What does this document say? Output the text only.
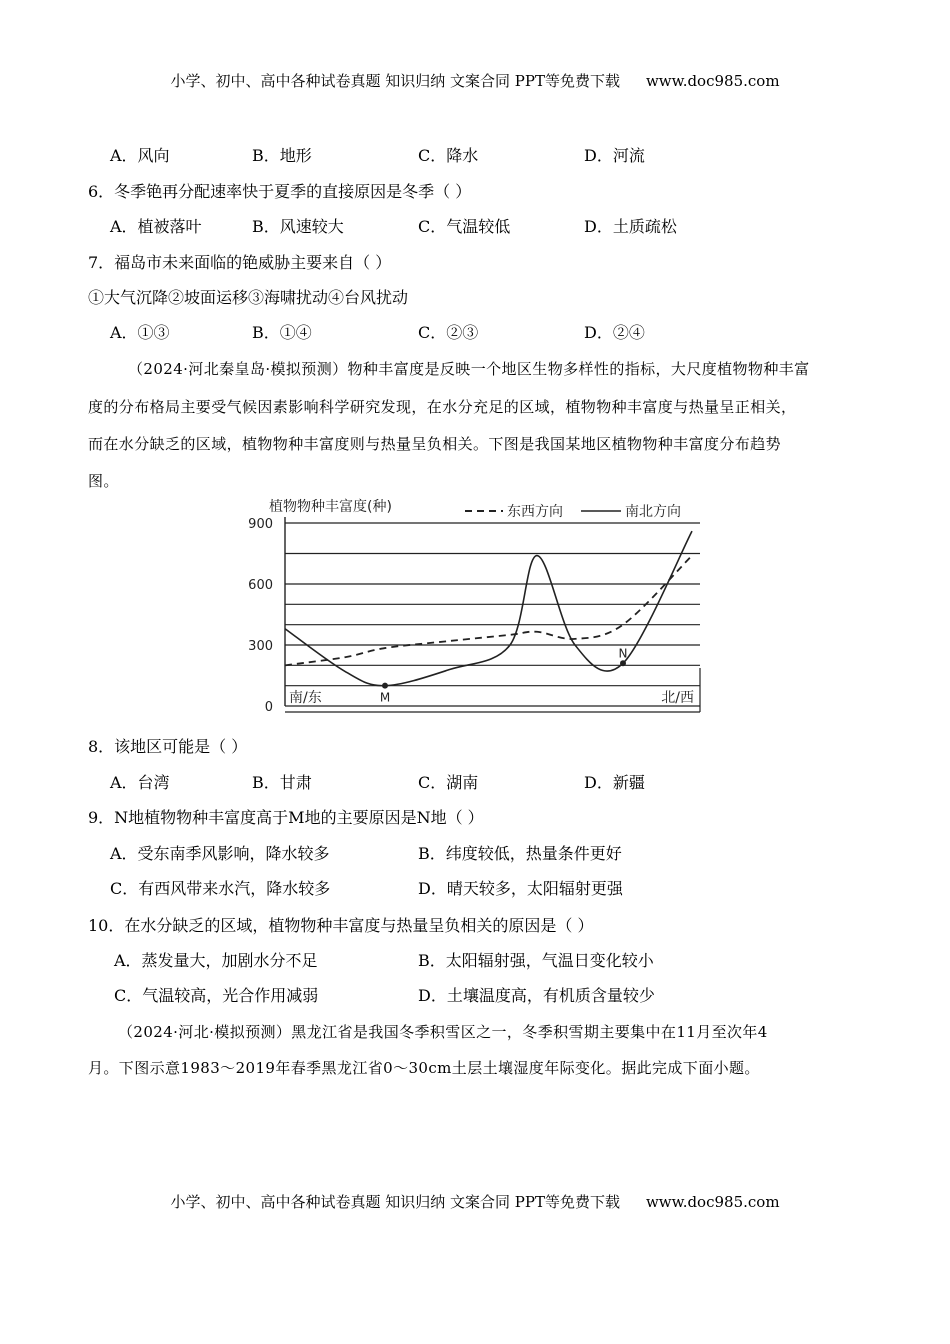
小学、初中、高中各种试卷真题 知识归纳 文案合同 PPT等免费下载 www.doc985.com
A．风向	B．地形	C．降水	D．河流
6．冬季铯再分配速率快于夏季的直接原因是冬季（ ）
A．植被落叶	B．风速较大	C．气温较低	D．土质疏松
7．福岛市未来面临的铯威胁主要来自（ ）
①大气沉降②坡面运移③海啸扰动④台风扰动
A．①③	B．①④	C．②③	D．②④
（2024·河北秦皇岛·模拟预测）物种丰富度是反映一个地区生物多样性的指标，大尺度植物物种丰富
度的分布格局主要受气候因素影响科学研究发现，在水分充足的区域，植物物种丰富度与热量呈正相关，
而在水分缺乏的区域，植物物种丰富度则与热量呈负相关。下图是我国某地区植物物种丰富度分布趋势
图。
900
600
300
0
植物物种丰富度(种)	东西方向	南北方向
南/东	北/西
M
N
8．该地区可能是（ ）
A．台湾	B．甘肃	C．湖南	D．新疆
9．N地植物物种丰富度高于M地的主要原因是N地（ ）
A．受东南季风影响，降水较多	B．纬度较低，热量条件更好
C．有西风带来水汽，降水较多	D．晴天较多，太阳辐射更强
10．在水分缺乏的区域，植物物种丰富度与热量呈负相关的原因是（ ）
A．蒸发量大，加剧水分不足	B．太阳辐射强，气温日变化较小
C．气温较高，光合作用减弱	D．土壤温度高，有机质含量较少
（2024·河北·模拟预测）黑龙江省是我国冬季积雪区之一，冬季积雪期主要集中在11月至次年4
月。下图示意1983～2019年春季黑龙江省0～30cm土层土壤湿度年际变化。据此完成下面小题。
小学、初中、高中各种试卷真题 知识归纳 文案合同 PPT等免费下载 www.doc985.com
